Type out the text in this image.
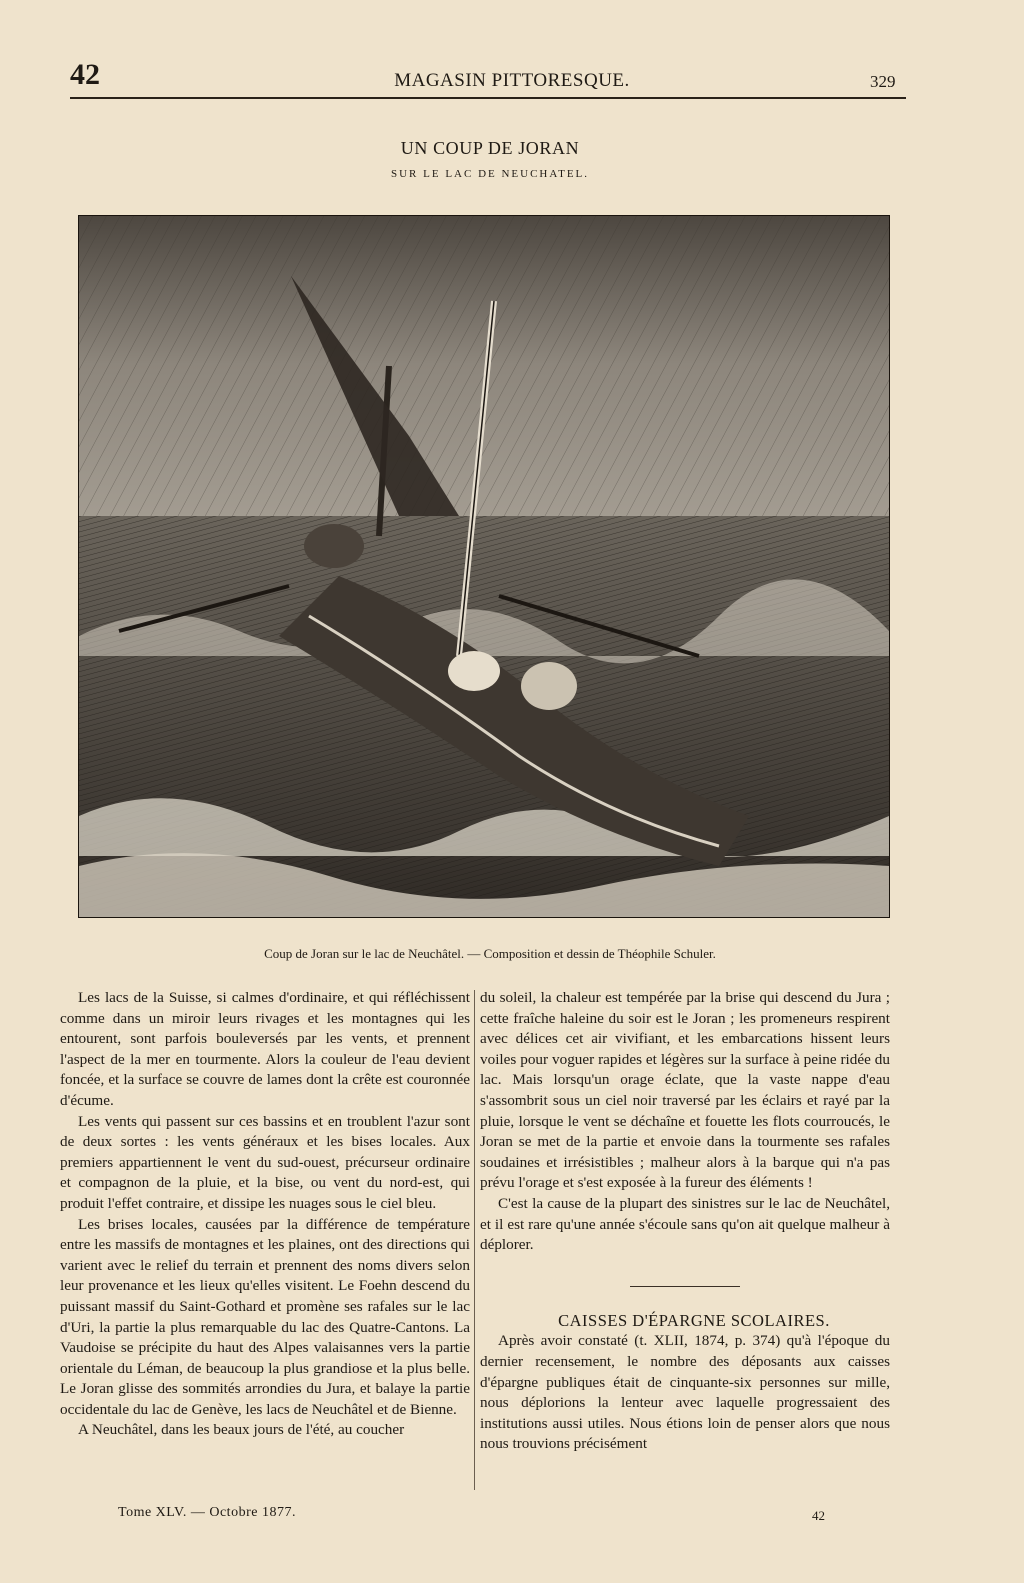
42	MAGASIN PITTORESQUE.	329
UN COUP DE JORAN
SUR LE LAC DE NEUCHATEL.
Coup de Joran sur le lac de Neuchâtel. — Composition et dessin de Théophile Schuler.

Les lacs de la Suisse, si calmes d'ordinaire, et qui réfléchissent comme dans un miroir leurs rivages et les montagnes qui les entourent, sont parfois bouleversés par les vents, et prennent l'aspect de la mer en tourmente. Alors la couleur de l'eau devient foncée, et la surface se couvre de lames dont la crête est couronnée d'écume.

Les vents qui passent sur ces bassins et en troublent l'azur sont de deux sortes : les vents généraux et les bises locales. Aux premiers appartiennent le vent du sud-ouest, précurseur ordinaire et compagnon de la pluie, et la bise, ou vent du nord-est, qui produit l'effet contraire, et dissipe les nuages sous le ciel bleu.

Les brises locales, causées par la différence de température entre les massifs de montagnes et les plaines, ont des directions qui varient avec le relief du terrain et prennent des noms divers selon leur provenance et les lieux qu'elles visitent. Le Foehn descend du puissant massif du Saint-Gothard et promène ses rafales sur le lac d'Uri, la partie la plus remarquable du lac des Quatre-Cantons. La Vaudoise se précipite du haut des Alpes valaisannes vers la partie orientale du Léman, de beaucoup la plus grandiose et la plus belle. Le Joran glisse des sommités arrondies du Jura, et balaye la partie occidentale du lac de Genève, les lacs de Neuchâtel et de Bienne.

A Neuchâtel, dans les beaux jours de l'été, au coucher

du soleil, la chaleur est tempérée par la brise qui descend du Jura ; cette fraîche haleine du soir est le Joran ; les promeneurs respirent avec délices cet air vivifiant, et les embarcations hissent leurs voiles pour voguer rapides et légères sur la surface à peine ridée du lac. Mais lorsqu'un orage éclate, que la vaste nappe d'eau s'assombrit sous un ciel noir traversé par les éclairs et rayé par la pluie, lorsque le vent se déchaîne et fouette les flots courroucés, le Joran se met de la partie et envoie dans la tourmente ses rafales soudaines et irrésistibles ; malheur alors à la barque qui n'a pas prévu l'orage et s'est exposée à la fureur des éléments !

C'est la cause de la plupart des sinistres sur le lac de Neuchâtel, et il est rare qu'une année s'écoule sans qu'on ait quelque malheur à déplorer.

CAISSES D'ÉPARGNE SCOLAIRES.

Après avoir constaté (t. XLII, 1874, p. 374) qu'à l'époque du dernier recensement, le nombre des déposants aux caisses d'épargne publiques était de cinquante-six personnes sur mille, nous déplorions la lenteur avec laquelle progressaient des institutions aussi utiles. Nous étions loin de penser alors que nous nous trouvions précisément

Tome XLV. — Octobre 1877.	42
